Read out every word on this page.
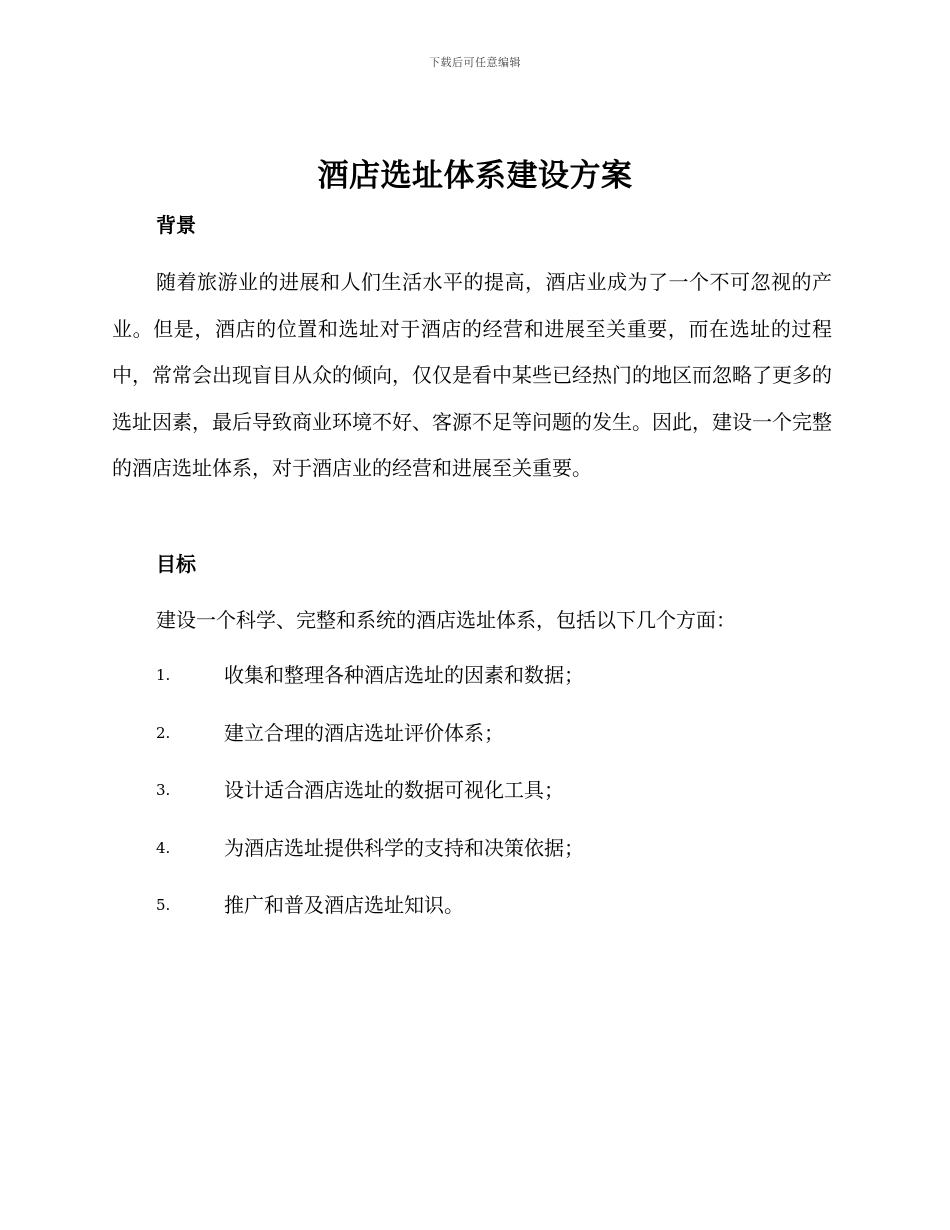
下载后可任意编辑
酒店选址体系建设方案
背景

随着旅游业的进展和人们生活水平的提高，酒店业成为了一个不可忽视的产业。但是，酒店的位置和选址对于酒店的经营和进展至关重要，而在选址的过程中，常常会出现盲目从众的倾向，仅仅是看中某些已经热门的地区而忽略了更多的选址因素，最后导致商业环境不好、客源不足等问题的发生。因此，建设一个完整的酒店选址体系，对于酒店业的经营和进展至关重要。

目标

建设一个科学、完整和系统的酒店选址体系，包括以下几个方面：

1.	收集和整理各种酒店选址的因素和数据；
2.	建立合理的酒店选址评价体系；
3.	设计适合酒店选址的数据可视化工具；
4.	为酒店选址提供科学的支持和决策依据；
5.	推广和普及酒店选址知识。
